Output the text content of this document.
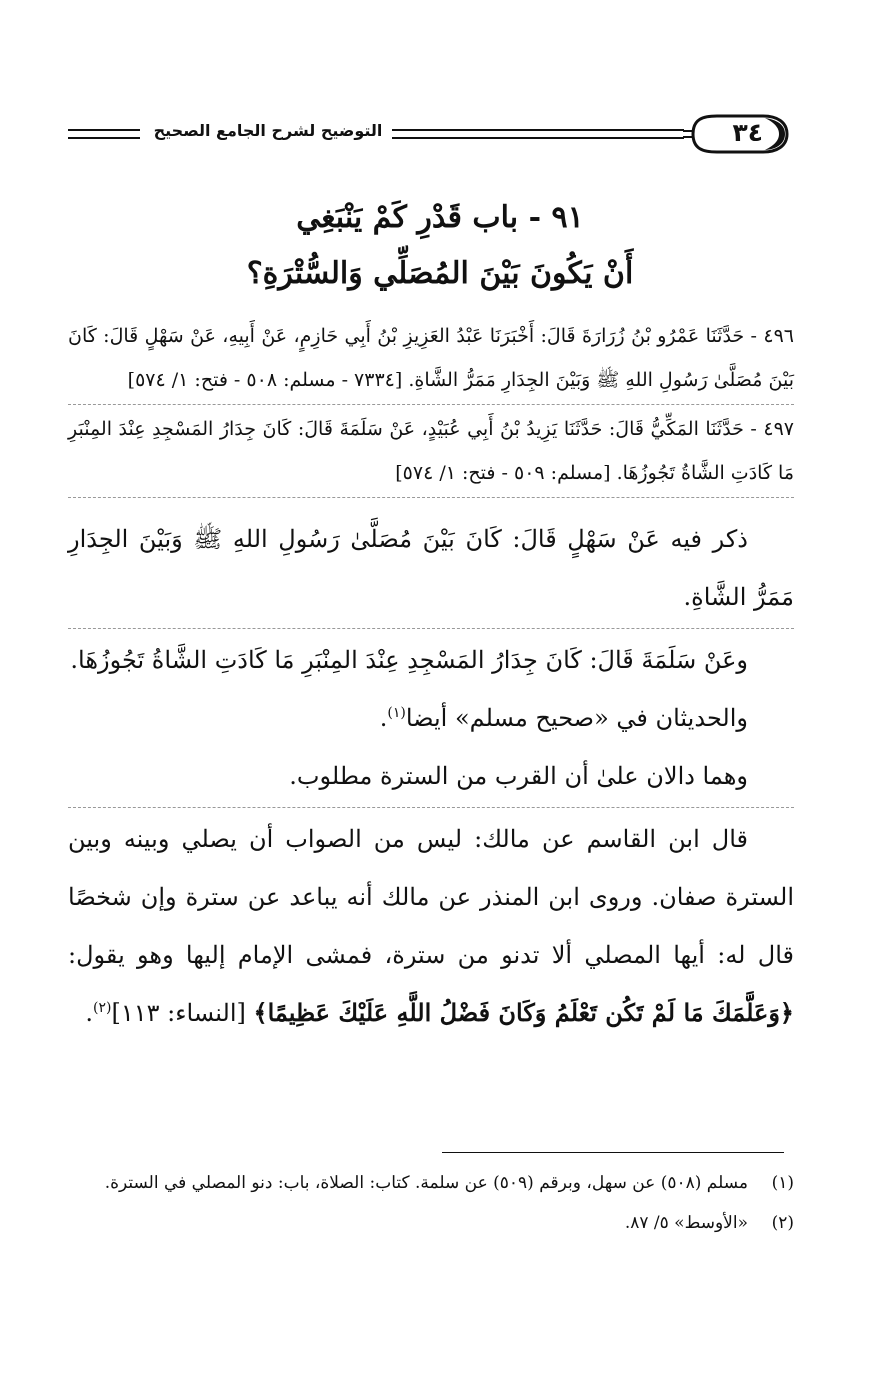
التوضيح لشرح الجامع الصحيح	٣٤
٩١ - باب قَدْرِ كَمْ يَنْبَغِي
أَنْ يَكُونَ بَيْنَ المُصَلِّي وَالسُّتْرَةِ؟

٤٩٦ - حَدَّثَنَا عَمْرُو بْنُ زُرَارَةَ قَالَ: أَخْبَرَنَا عَبْدُ العَزِيزِ بْنُ أَبِي حَازِمٍ، عَنْ أَبِيهِ، عَنْ سَهْلٍ قَالَ: كَانَ بَيْنَ مُصَلَّىٰ رَسُولِ اللهِ ﷺ وَبَيْنَ الجِدَارِ مَمَرُّ الشَّاةِ. [٧٣٣٤ - مسلم: ٥٠٨ - فتح: ١/ ٥٧٤]

٤٩٧ - حَدَّثَنَا المَكِّيُّ قَالَ: حَدَّثَنَا يَزِيدُ بْنُ أَبِي عُبَيْدٍ، عَنْ سَلَمَةَ قَالَ: كَانَ جِدَارُ المَسْجِدِ عِنْدَ المِنْبَرِ مَا كَادَتِ الشَّاةُ تَجُوزُهَا. [مسلم: ٥٠٩ - فتح: ١/ ٥٧٤]

ذكر فيه عَنْ سَهْلٍ قَالَ: كَانَ بَيْنَ مُصَلَّىٰ رَسُولِ اللهِ ﷺ وَبَيْنَ الجِدَارِ مَمَرُّ الشَّاةِ.

وعَنْ سَلَمَةَ قَالَ: كَانَ جِدَارُ المَسْجِدِ عِنْدَ المِنْبَرِ مَا كَادَتِ الشَّاةُ تَجُوزُهَا.

والحديثان في «صحيح مسلم» أيضا$^{(١)}$.

وهما دالان علىٰ أن القرب من السترة مطلوب.

قال ابن القاسم عن مالك: ليس من الصواب أن يصلي وبينه وبين السترة صفان. وروى ابن المنذر عن مالك أنه يباعد عن سترة وإن شخصًا قال له: أيها المصلي ألا تدنو من سترة، فمشى الإمام إليها وهو يقول: ﴿وَعَلَّمَكَ مَا لَمْ تَكُن تَعْلَمُ وَكَانَ فَضْلُ اللَّهِ عَلَيْكَ عَظِيمًا﴾ [النساء: ١١٣]$^{(٢)}$.

(١)
مسلم (٥٠٨) عن سهل، وبرقم (٥٠٩) عن سلمة. كتاب: الصلاة، باب: دنو المصلي في السترة.
(٢)
«الأوسط» ٥/ ٨٧.
